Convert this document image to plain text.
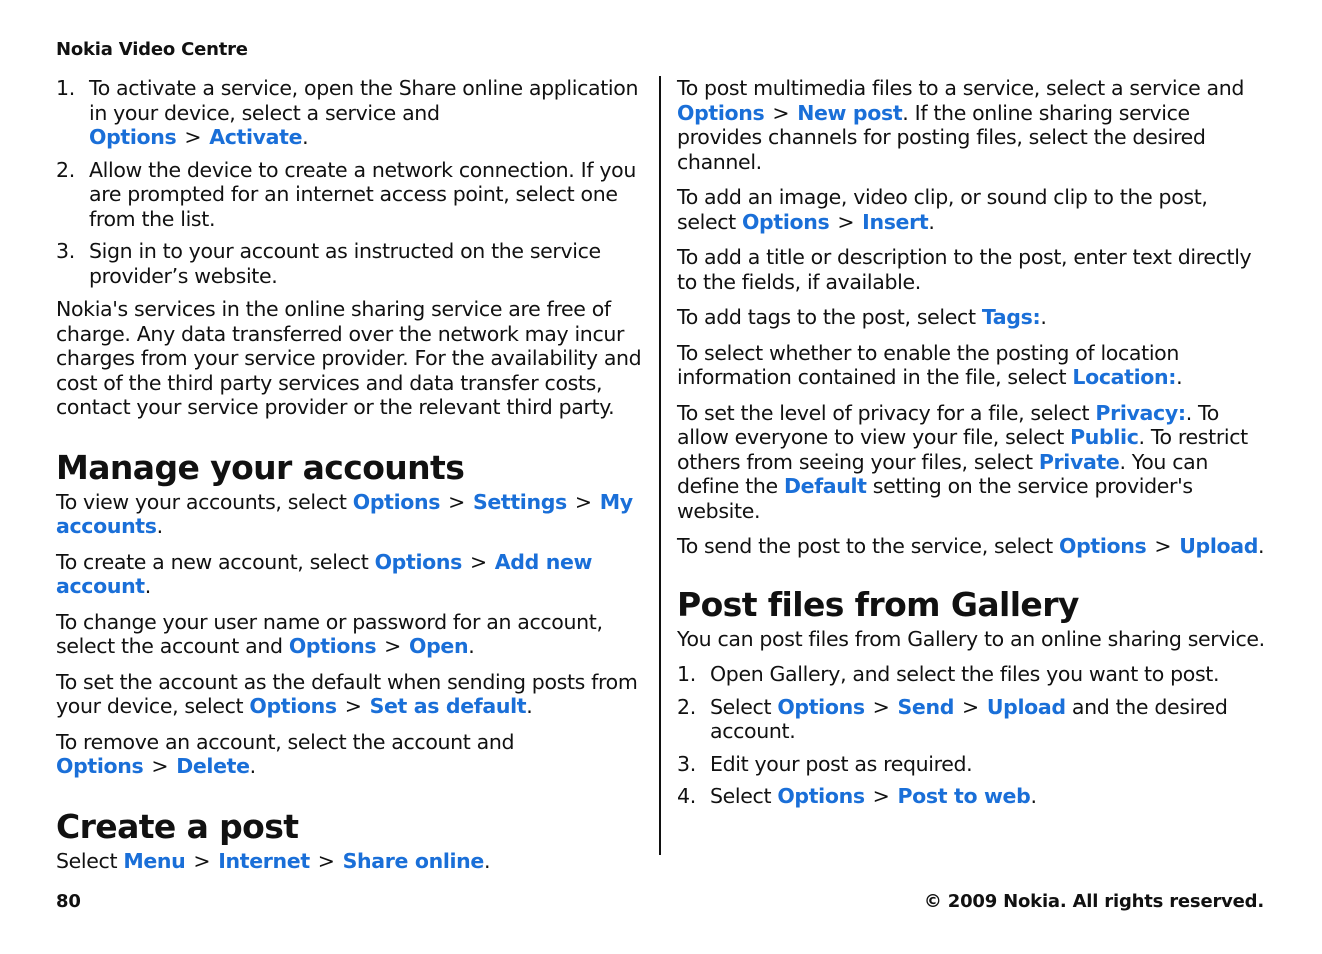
Nokia Video Centre
1. To activate a service, open the Share online application in your device, select a service and Options > Activate.
2. Allow the device to create a network connection. If you are prompted for an internet access point, select one from the list.
3. Sign in to your account as instructed on the service provider’s website.

Nokia's services in the online sharing service are free of charge. Any data transferred over the network may incur charges from your service provider. For the availability and cost of the third party services and data transfer costs, contact your service provider or the relevant third party.

Manage your accounts

To view your accounts, select Options > Settings > My accounts.

To create a new account, select Options > Add new account.

To change your user name or password for an account, select the account and Options > Open.

To set the account as the default when sending posts from your device, select Options > Set as default.

To remove an account, select the account and Options > Delete.

Create a post

Select Menu > Internet > Share online.

To post multimedia files to a service, select a service and Options > New post. If the online sharing service provides channels for posting files, select the desired channel.

To add an image, video clip, or sound clip to the post, select Options > Insert.

To add a title or description to the post, enter text directly to the fields, if available.

To add tags to the post, select Tags:.

To select whether to enable the posting of location information contained in the file, select Location:.

To set the level of privacy for a file, select Privacy:. To allow everyone to view your file, select Public. To restrict others from seeing your files, select Private. You can define the Default setting on the service provider's website.

To send the post to the service, select Options > Upload.

Post files from Gallery

You can post files from Gallery to an online sharing service.

1. Open Gallery, and select the files you want to post.
2. Select Options > Send > Upload and the desired account.
3. Edit your post as required.
4. Select Options > Post to web.
80	© 2009 Nokia. All rights reserved.
